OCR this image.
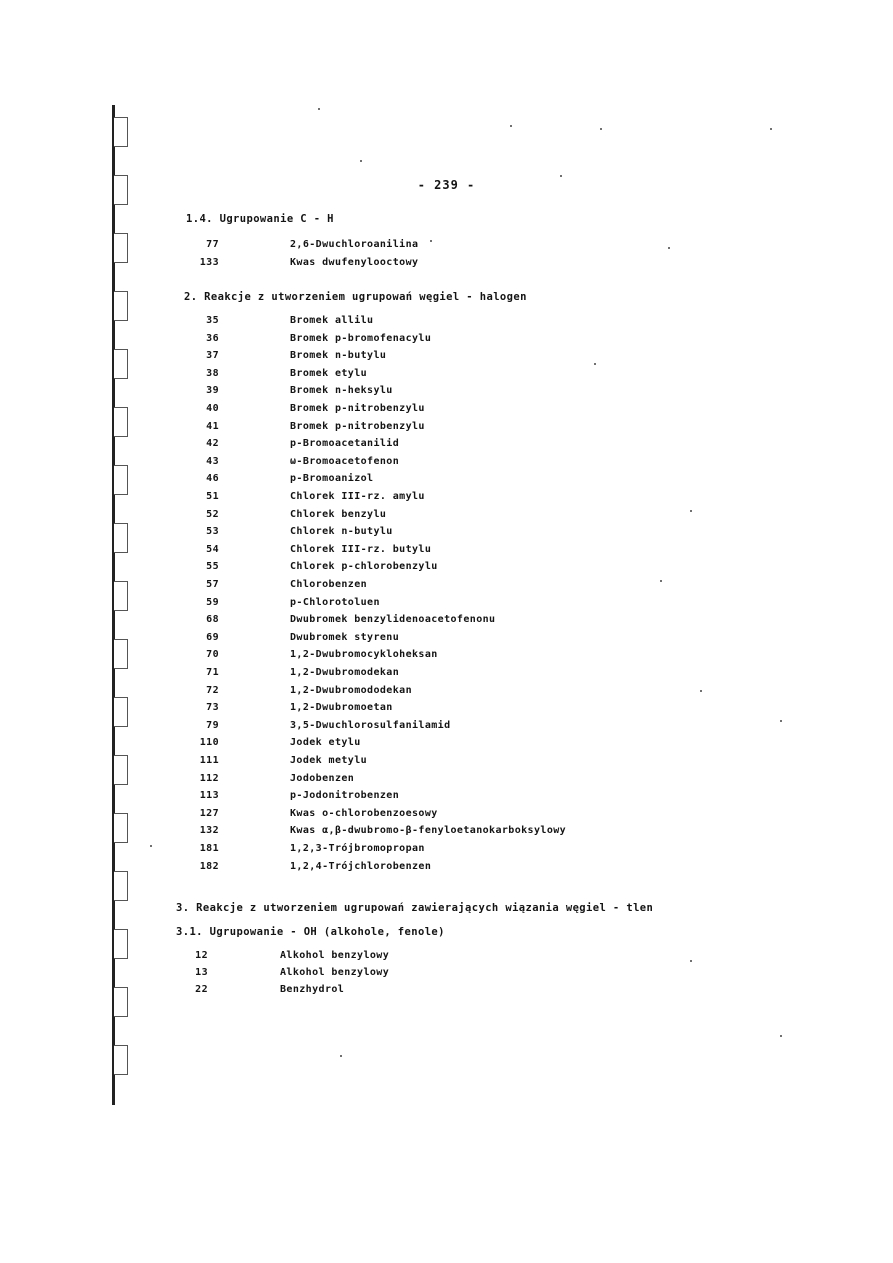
- 239 -
1.4. Ugrupowanie C - H
77	2,6-Dwuchloroanilina
133	Kwas dwufenylooctowy
2. Reakcje z utworzeniem ugrupowań węgiel - halogen
35	Bromek allilu
36	Bromek p-bromofenacylu
37	Bromek n-butylu
38	Bromek etylu
39	Bromek n-heksylu
40	Bromek p-nitrobenzylu
41	Bromek p-nitrobenzylu
42	p-Bromoacetanilid
43	ω-Bromoacetofenon
46	p-Bromoanizol
51	Chlorek III-rz. amylu
52	Chlorek benzylu
53	Chlorek n-butylu
54	Chlorek III-rz. butylu
55	Chlorek p-chlorobenzylu
57	Chlorobenzen
59	p-Chlorotoluen
68	Dwubromek benzylidenoacetofenonu
69	Dwubromek styrenu
70	1,2-Dwubromocykloheksan
71	1,2-Dwubromodekan
72	1,2-Dwubromododekan
73	1,2-Dwubromoetan
79	3,5-Dwuchlorosulfanilamid
110	Jodek etylu
111	Jodek metylu
112	Jodobenzen
113	p-Jodonitrobenzen
127	Kwas o-chlorobenzoesowy
132	Kwas α,β-dwubromo-β-fenyloetanokarboksylowy
181	1,2,3-Trójbromopropan
182	1,2,4-Trójchlorobenzen
3. Reakcje z utworzeniem ugrupowań zawierających wiązania węgiel - tlen
3.1. Ugrupowanie - OH (alkohole, fenole)
12	Alkohol benzylowy
13	Alkohol benzylowy
22	Benzhydrol
